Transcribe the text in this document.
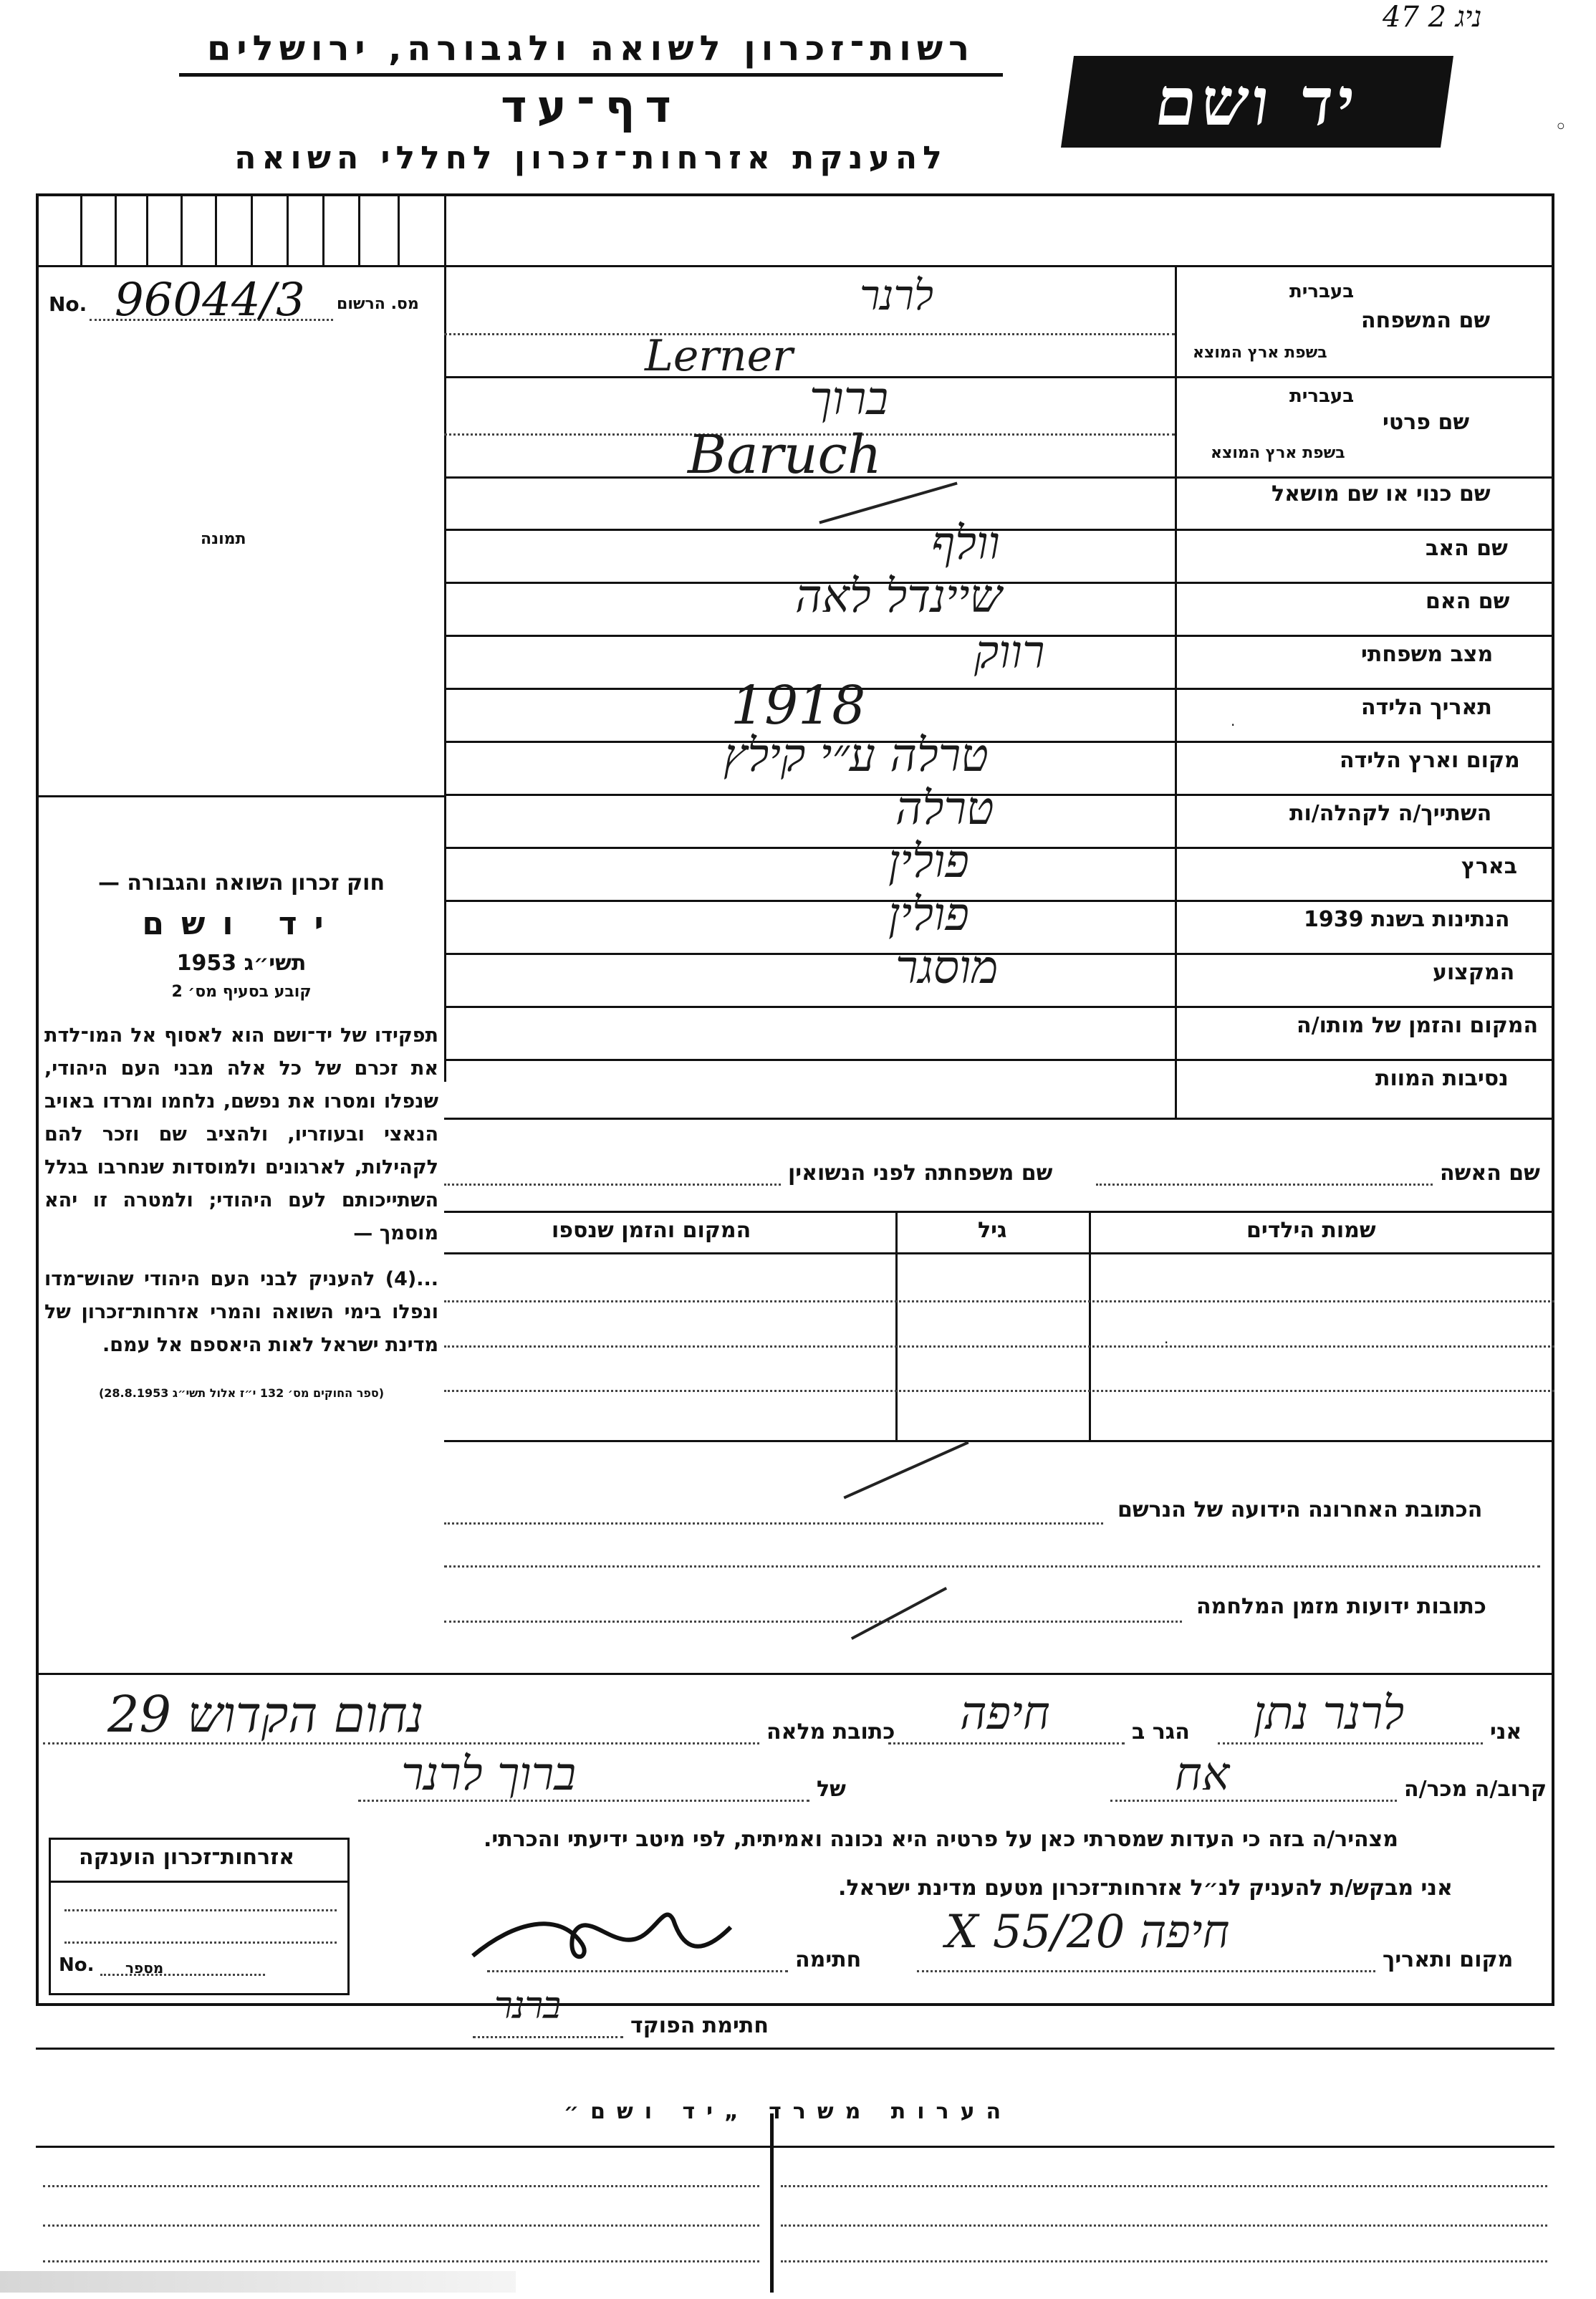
ניג 2 47
רשות־זכרון לשואה ולגבורה, ירושלים
דף־עד
להענקת אזרחות־זכרון לחללי השואה
יד ושם	◦
No. 96044/3 מס. הרשום
תמונה

חוק זכרון השואה והגבורה —

יד ושם

תשי״ג 1953

קובע בסעיף מס׳ 2

תפקידו של יד־ושם הוא לאסוף אל המו־לדת את זכרם של כל אלה מבני העם היהודי, שנפלו ומסרו את נפשם, נלחמו ומרדו באויב הנאצי ובעוזריו, ולהציב שם וזכר להם לקהילות, לארגונים ולמוסדות שנחרבו בגלל השתייכותם לעם היהודי; ולמטרה זו יהא מוסמך —

...(4) להעניק לבני העם היהודי שהוש־מדו ונפלו בימי השואה והמרי אזרחות־זכרון של מדינת ישראל לאות היאספם אל עמם.

(ספר החוקים מס׳ 132 י״ז אלול תשי״ג 28.8.1953)

שם המשפחה
בעברית
בשפת ארץ המוצא
לרנר
Lerner
שם פרטי
בעברית
בשפת ארץ המוצא
ברוך
Baruch
שם כנוי או שם מושאל
שם האב
וולף
שם האם
שיינדל לאה
מצב משפחתי
רווק
תאריך הלידה
1918	·
מקום וארץ הלידה
טרלה ע״י קילץ
השתייך/ה לקהלה/ות
טרלה
בארץ
פולין
הנתינות בשנת 1939
פולין
המקצוע
מוסגר
המקום והזמן של מותו/ה
נסיבות המוות
שם האשה
שם משפחתה לפני הנשואין
שמות הילדים
גיל
המקום והזמן שנספו
·
הכתובת האחרונה הידועה של הנרשם
כתובות ידועות מזמן המלחמה
אני
לרנר נתן
הגר ב
חיפה
כתובת מלאה
נחום הקדוש 29
קרוב/ה מכר/ה
אח
של
ברוך לרנר
מצהיר/ה בזה כי העדות שמסרתי כאן על פרטיה היא נכונה ואמיתית, לפי מיטב ידיעתי והכרתי.
אני מבקש/ת להעניק לנ״ל אזרחות־זכרון מטעם מדינת ישראל.
מקום ותאריך
חיפה 20/X 55
חתימה
חתימת הפוקד
ברנר
אזרחות־זכרון הוענקה
No. מספר
הערות משרד „יד ושם״
